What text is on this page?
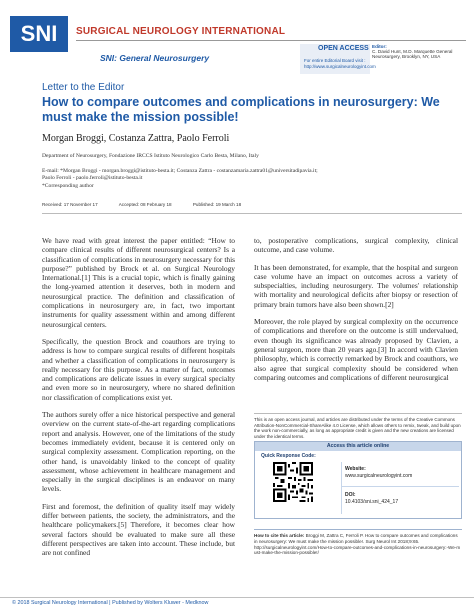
SNI	SURGICAL NEUROLOGY INTERNATIONAL
SNI: General Neurosurgery
OPEN ACCESS
For entire Editorial Board visit : http://www.surgicalneurologyint.com
Editor:
C. David Hunt, M.D. Marquette General Neurosurgery, Brooklyn, NY, USA
Letter to the Editor
How to compare outcomes and complications in neurosurgery: We must make the mission possible!
Morgan Broggi, Costanza Zattra, Paolo Ferroli
Department of Neurosurgery, Fondazione IRCCS Istituto Neurologico Carlo Besta, Milano, Italy
E-mail: *Morgan Broggi - morgan.broggi@istituto-besta.it; Costanza Zattra - costanzamaria.zattra01@universitadipavia.it;
Paolo Ferroli - paolo.ferroli@istituto-besta.it
*Corresponding author
Received: 17 November 17	Accepted: 08 February 18	Published: 19 March 18

We have read with great interest the paper entitled: “How to compare clinical results of different neurosurgical centers? Is a classification of complications in neurosurgery necessary for this purpose?” published by Brock et al. on Surgical Neurology International.[1] This is a crucial topic, which is finally gaining the long-yearned attention it deserves, both in modern and neurosurgical practice. The definition and classification of complications in neurosurgery are, in fact, two important instruments for quality assessment within and among different neurosurgical centers.

Specifically, the question Brock and coauthors are trying to address is how to compare surgical results of different hospitals and whether a classification of complications in neurosurgery is really necessary for this purpose. As a matter of fact, outcomes and complications are delicate issues in every surgical specialty and even more so in neurosurgery, where no shared definition nor classification of complications exist yet.

The authors surely offer a nice historical perspective and general overview on the current state-of-the-art regarding complications report and analysis. However, one of the limitations of the study becomes immediately evident, because it is centered only on surgical complexity assessment. Complication reporting, on the other hand, is unavoidably linked to the concept of quality assessment, whose achievement in healthcare management and especially in the surgical disciplines is an endeavor on many levels.

First and foremost, the definition of quality itself may widely differ between patients, the society, the administrators, and the healthcare policymakers.[5] Therefore, it becomes clear how several factors should be evaluated to make sure all these different perspectives are taken into account. These include, but are not confined

to, postoperative complications, surgical complexity, clinical outcome, and case volume.

It has been demonstrated, for example, that the hospital and surgeon case volume have an impact on outcomes across a variety of subspecialties, including neurosurgery. The volumes' relationship with mortality and neurological deficits after biopsy or resection of primary brain tumors have also been shown.[2]

Moreover, the role played by surgical complexity on the occurrence of complications and therefore on the outcome is still undervalued, even though its significance was already proposed by Clavien, a general surgeon, more than 20 years ago.[3] In accord with Clavien philosophy, which is correctly remarked by Brock and coauthors, we also agree that surgical complexity should be considered when comparing outcomes and complications of different neurosurgical

This is an open access journal, and articles are distributed under the terms of the Creative Commons Attribution-NonCommercial-ShareAlike 4.0 License, which allows others to remix, tweak, and build upon the work non-commercially, as long as appropriate credit is given and the new creations are licensed under the identical terms.
Access this article online
Quick Response Code:
Website:
www.surgicalneurologyint.com
DOI:
10.4103/sni.sni_424_17
How to cite this article: Broggi M, Zattra C, Ferroli P. How to compare outcomes and complications in neurosurgery: We must make the mission possible!. Surg Neurol Int 2018;9:65.
http://surgicalneurologyint.com/How-to-compare-outcomes-and-complications-in-neurosurgery:-We-must-make-the-mission-possible!/
© 2018 Surgical Neurology International | Published by Wolters Kluwer - Medknow
